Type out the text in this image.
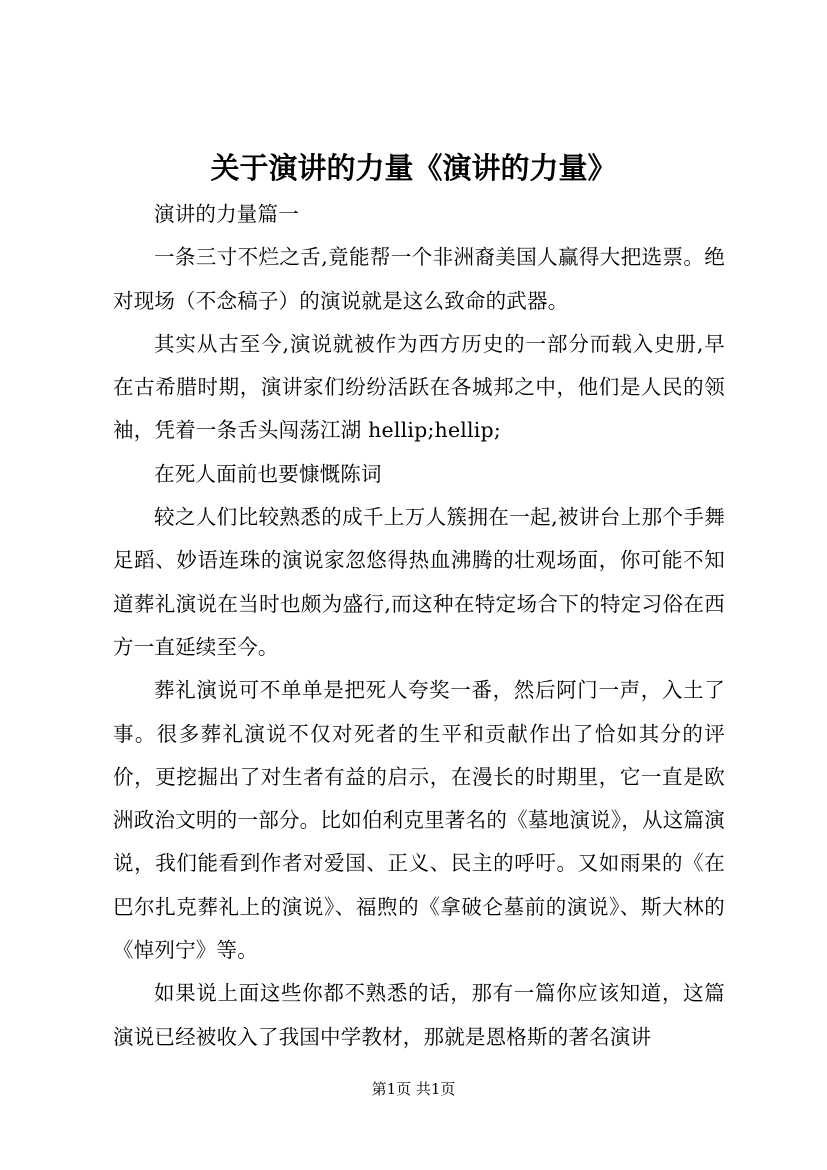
关于演讲的力量《演讲的力量》

演讲的力量篇一

一条三寸不烂之舌,竟能帮一个非洲裔美国人赢得大把选票。绝对现场（不念稿子）的演说就是这么致命的武器。

其实从古至今,演说就被作为西方历史的一部分而载入史册,早在古希腊时期，演讲家们纷纷活跃在各城邦之中，他们是人民的领袖，凭着一条舌头闯荡江湖 hellip;hellip;

在死人面前也要慷慨陈词

较之人们比较熟悉的成千上万人簇拥在一起,被讲台上那个手舞足蹈、妙语连珠的演说家忽悠得热血沸腾的壮观场面，你可能不知道葬礼演说在当时也颇为盛行,而这种在特定场合下的特定习俗在西方一直延续至今。

葬礼演说可不单单是把死人夸奖一番，然后阿门一声，入土了事。很多葬礼演说不仅对死者的生平和贡献作出了恰如其分的评价，更挖掘出了对生者有益的启示，在漫长的时期里，它一直是欧洲政治文明的一部分。比如伯利克里著名的《墓地演说》，从这篇演说，我们能看到作者对爱国、正义、民主的呼吁。又如雨果的《在巴尔扎克葬礼上的演说》、福煦的《拿破仑墓前的演说》、斯大林的《悼列宁》等。

如果说上面这些你都不熟悉的话，那有一篇你应该知道，这篇演说已经被收入了我国中学教材，那就是恩格斯的著名演讲

第1页 共1页
